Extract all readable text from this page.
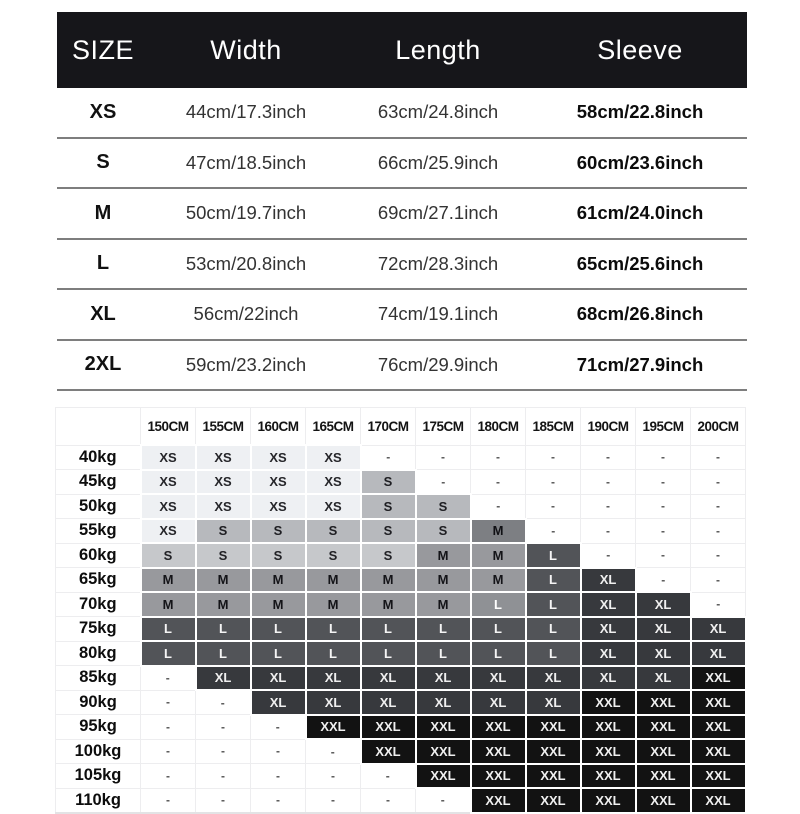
SIZE	Width	Length	Sleeve
XS	44cm/17.3inch	63cm/24.8inch	58cm/22.8inch
S	47cm/18.5inch	66cm/25.9inch	60cm/23.6inch
M	50cm/19.7inch	69cm/27.1inch	61cm/24.0inch
L	53cm/20.8inch	72cm/28.3inch	65cm/25.6inch
XL	56cm/22inch	74cm/19.1inch	68cm/26.8inch
2XL	59cm/23.2inch	76cm/29.9inch	71cm/27.9inch
	150CM	155CM	160CM	165CM	170CM	175CM	180CM	185CM	190CM	195CM	200CM
40kg	XS	XS	XS	XS	-	-	-	-	-	-	-
45kg	XS	XS	XS	XS	S	-	-	-	-	-	-
50kg	XS	XS	XS	XS	S	S	-	-	-	-	-
55kg	XS	S	S	S	S	S	M	-	-	-	-
60kg	S	S	S	S	S	M	M	L	-	-	-
65kg	M	M	M	M	M	M	M	L	XL	-	-
70kg	M	M	M	M	M	M	L	L	XL	XL	-
75kg	L	L	L	L	L	L	L	L	XL	XL	XL
80kg	L	L	L	L	L	L	L	L	XL	XL	XL
85kg	-	XL	XL	XL	XL	XL	XL	XL	XL	XL	XXL
90kg	-	-	XL	XL	XL	XL	XL	XL	XXL	XXL	XXL
95kg	-	-	-	XXL	XXL	XXL	XXL	XXL	XXL	XXL	XXL
100kg	-	-	-	-	XXL	XXL	XXL	XXL	XXL	XXL	XXL
105kg	-	-	-	-	-	XXL	XXL	XXL	XXL	XXL	XXL
110kg	-	-	-	-	-	-	XXL	XXL	XXL	XXL	XXL
